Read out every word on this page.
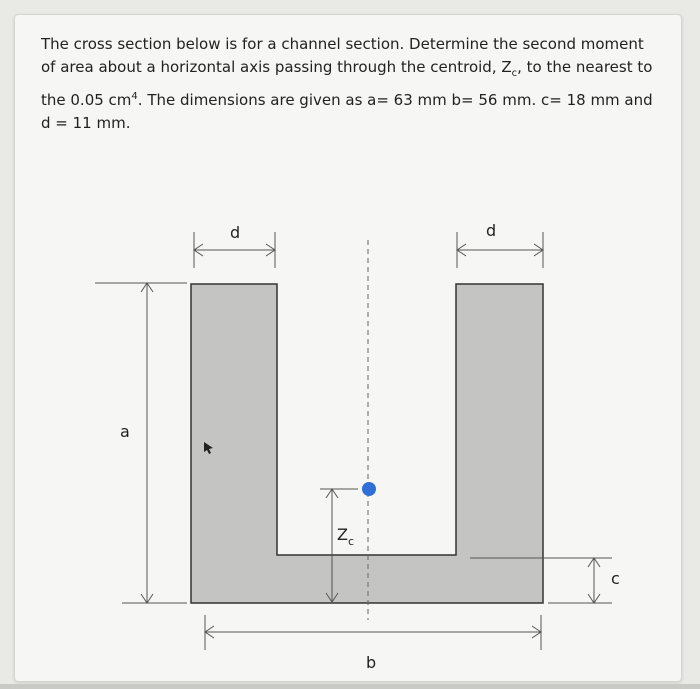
The cross section below is for a channel section. Determine the second moment of area about a horizontal axis passing through the centroid, $Z_c$, to the nearest to the 0.05 $cm^4$. The dimensions are given as a= 63 mm b= 56 mm. c= 18 mm and d = 11 mm.
d	d
a
b
c
$Z_c$
